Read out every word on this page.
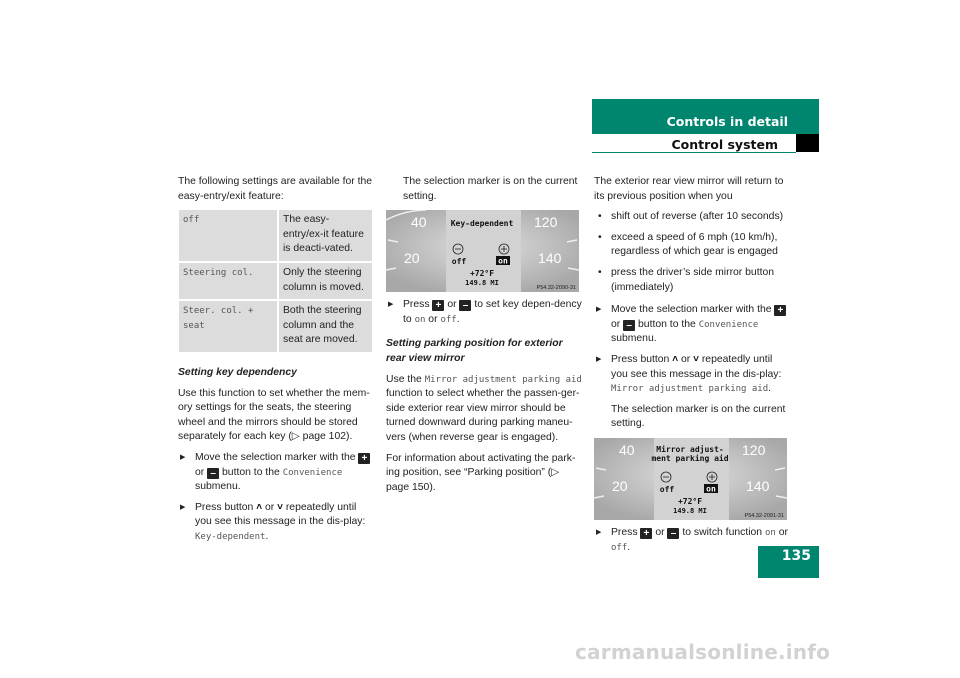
Controls in detail
Control system

The following settings are available for the easy-entry/exit feature:

off	The easy-entry/ex-it feature is deacti-vated.
Steering col.	Only the steering column is moved.
Steer. col. + seat	Both the steering column and the seat are moved.

Setting key dependency

Use this function to set whether the mem-ory settings for the seats, the steering wheel and the mirrors should be stored separately for each key (▷ page 102).

▶ Move the selection marker with the + or – button to the Convenience submenu.
▶ Press button ˄ or ˅ repeatedly until you see this message in the dis-play: Key-dependent.

The selection marker is on the current setting.

40
20
120
140
Key-dependent
off	on
+72°F
149.8 MI
P54.32-2090-31
▶ Press + or – to set key depen-dency to on or off.

Setting parking position for exterior rear view mirror

Use the Mirror adjustment parking aid function to select whether the passen-ger-side exterior rear view mirror should be turned downward during parking maneu-vers (when reverse gear is engaged).

For information about activating the park-ing position, see “Parking position” (▷ page 150).

The exterior rear view mirror will return to its previous position when you

• shift out of reverse (after 10 seconds)
• exceed a speed of 6 mph (10 km/h), regardless of which gear is engaged
• press the driver’s side mirror button (immediately)
▶ Move the selection marker with the + or – button to the Convenience submenu.
▶ Press button ˄ or ˅ repeatedly until you see this message in the dis-play: Mirror adjustment parking aid.

The selection marker is on the current setting.

40
20
120
140
Mirror adjust-
ment parking aid
off	on
+72°F
149.8 MI
P54.32-2091-31
▶ Press + or – to switch function on or off.
135
carmanualsonline.info
